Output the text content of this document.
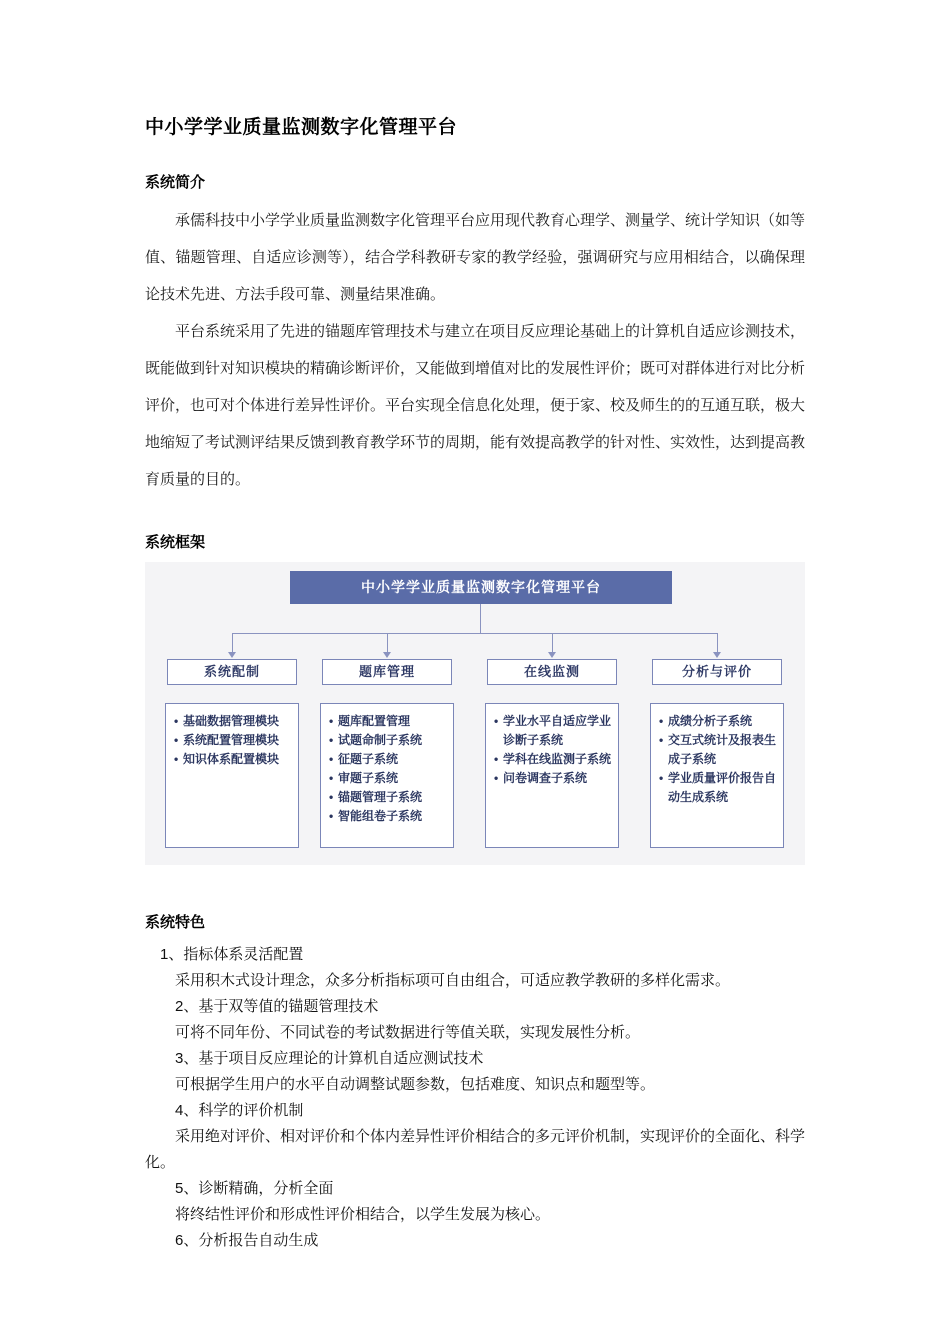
中小学学业质量监测数字化管理平台
系统简介

承儒科技中小学学业质量监测数字化管理平台应用现代教育心理学、测量学、统计学知识（如等值、锚题管理、自适应诊测等），结合学科教研专家的教学经验，强调研究与应用相结合，以确保理论技术先进、方法手段可靠、测量结果准确。

平台系统采用了先进的锚题库管理技术与建立在项目反应理论基础上的计算机自适应诊测技术，既能做到针对知识模块的精确诊断评价，又能做到增值对比的发展性评价；既可对群体进行对比分析评价，也可对个体进行差异性评价。平台实现全信息化处理，便于家、校及师生的的互通互联，极大地缩短了考试测评结果反馈到教育教学环节的周期，能有效提高教学的针对性、实效性，达到提高教育质量的目的。

系统框架
中小学学业质量监测数字化管理平台
系统配制
• 基础数据管理模块
• 系统配置管理模块
• 知识体系配置模块
题库管理
• 题库配置管理
• 试题命制子系统
• 征题子系统
• 审题子系统
• 锚题管理子系统
• 智能组卷子系统
在线监测
• 学业水平自适应学业诊断子系统
• 学科在线监测子系统
• 问卷调查子系统
分析与评价
• 成绩分析子系统
• 交互式统计及报表生成子系统
• 学业质量评价报告自动生成系统
系统特色

1、指标体系灵活配置

采用积木式设计理念，众多分析指标项可自由组合，可适应教学教研的多样化需求。

2、基于双等值的锚题管理技术

可将不同年份、不同试卷的考试数据进行等值关联，实现发展性分析。

3、基于项目反应理论的计算机自适应测试技术

可根据学生用户的水平自动调整试题参数，包括难度、知识点和题型等。

4、科学的评价机制

采用绝对评价、相对评价和个体内差异性评价相结合的多元评价机制，实现评价的全面化、科学化。

5、诊断精确，分析全面

将终结性评价和形成性评价相结合，以学生发展为核心。

6、分析报告自动生成
